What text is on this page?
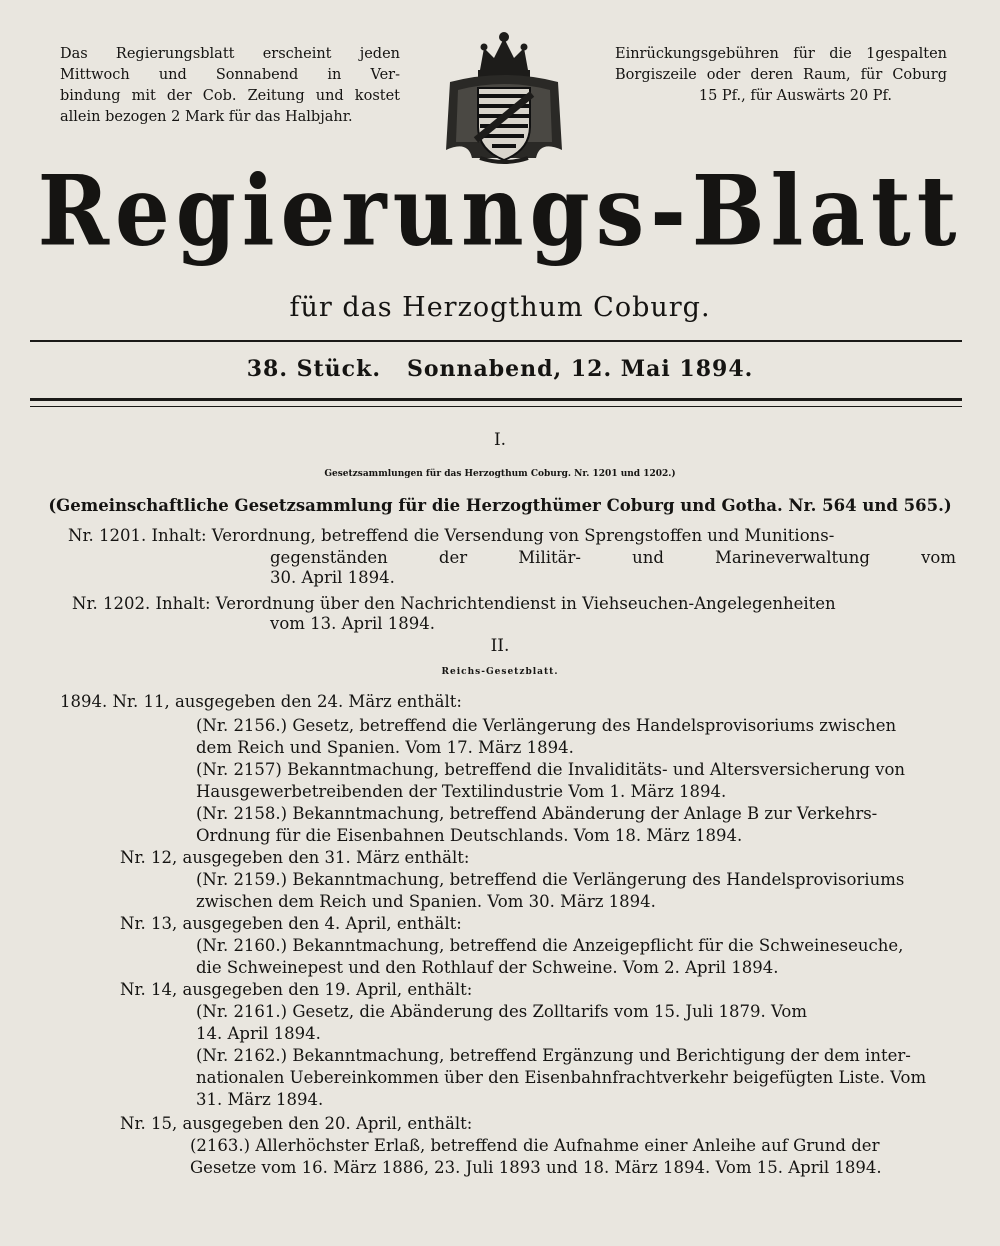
Das Regierungsblatt erscheint jeden
Mittwoch und Sonnabend in Ver-
bindung mit der Cob. Zeitung und kostet
allein bezogen 2 Mark für das Halbjahr.
Einrückungsgebühren für die 1gespalten
Borgiszeile oder deren Raum, für Coburg
15 Pf., für Auswärts 20 Pf.
Regierungs-Blatt
für das Herzogthum Coburg.
38. Stück.   Sonnabend, 12. Mai 1894.
I.
Gesetzsammlungen für das Herzogthum Coburg. Nr. 1201 und 1202.)
(Gemeinschaftliche Gesetzsammlung für die Herzogthümer Coburg und Gotha. Nr. 564 und 565.)
Nr. 1201. Inhalt: Verordnung, betreffend die Versendung von Sprengstoffen und Munitions-
gegenständen der Militär- und Marineverwaltung vom
30. April 1894.
Nr. 1202. Inhalt: Verordnung über den Nachrichtendienst in Viehseuchen-Angelegenheiten
vom 13. April 1894.
II.
Reichs-Gesetzblatt.
1894. Nr. 11, ausgegeben den 24. März enthält:
(Nr. 2156.) Gesetz, betreffend die Verlängerung des Handelsprovisoriums zwischen
dem Reich und Spanien. Vom 17. März 1894.
(Nr. 2157) Bekanntmachung, betreffend die Invaliditäts- und Altersversicherung von
Hausgewerbetreibenden der Textilindustrie Vom 1. März 1894.
(Nr. 2158.) Bekanntmachung, betreffend Abänderung der Anlage B zur Verkehrs-
Ordnung für die Eisenbahnen Deutschlands. Vom 18. März 1894.
Nr. 12, ausgegeben den 31. März enthält:
(Nr. 2159.) Bekanntmachung, betreffend die Verlängerung des Handelsprovisoriums
zwischen dem Reich und Spanien. Vom 30. März 1894.
Nr. 13, ausgegeben den 4. April, enthält:
(Nr. 2160.) Bekanntmachung, betreffend die Anzeigepflicht für die Schweineseuche,
die Schweinepest und den Rothlauf der Schweine. Vom 2. April 1894.
Nr. 14, ausgegeben den 19. April, enthält:
(Nr. 2161.) Gesetz, die Abänderung des Zolltarifs vom 15. Juli 1879. Vom
14. April 1894.
(Nr. 2162.) Bekanntmachung, betreffend Ergänzung und Berichtigung der dem inter-
nationalen Uebereinkommen über den Eisenbahnfrachtverkehr beigefügten Liste. Vom
31. März 1894.
Nr. 15, ausgegeben den 20. April, enthält:
(2163.) Allerhöchster Erlaß, betreffend die Aufnahme einer Anleihe auf Grund der
Gesetze vom 16. März 1886, 23. Juli 1893 und 18. März 1894. Vom 15. April 1894.
